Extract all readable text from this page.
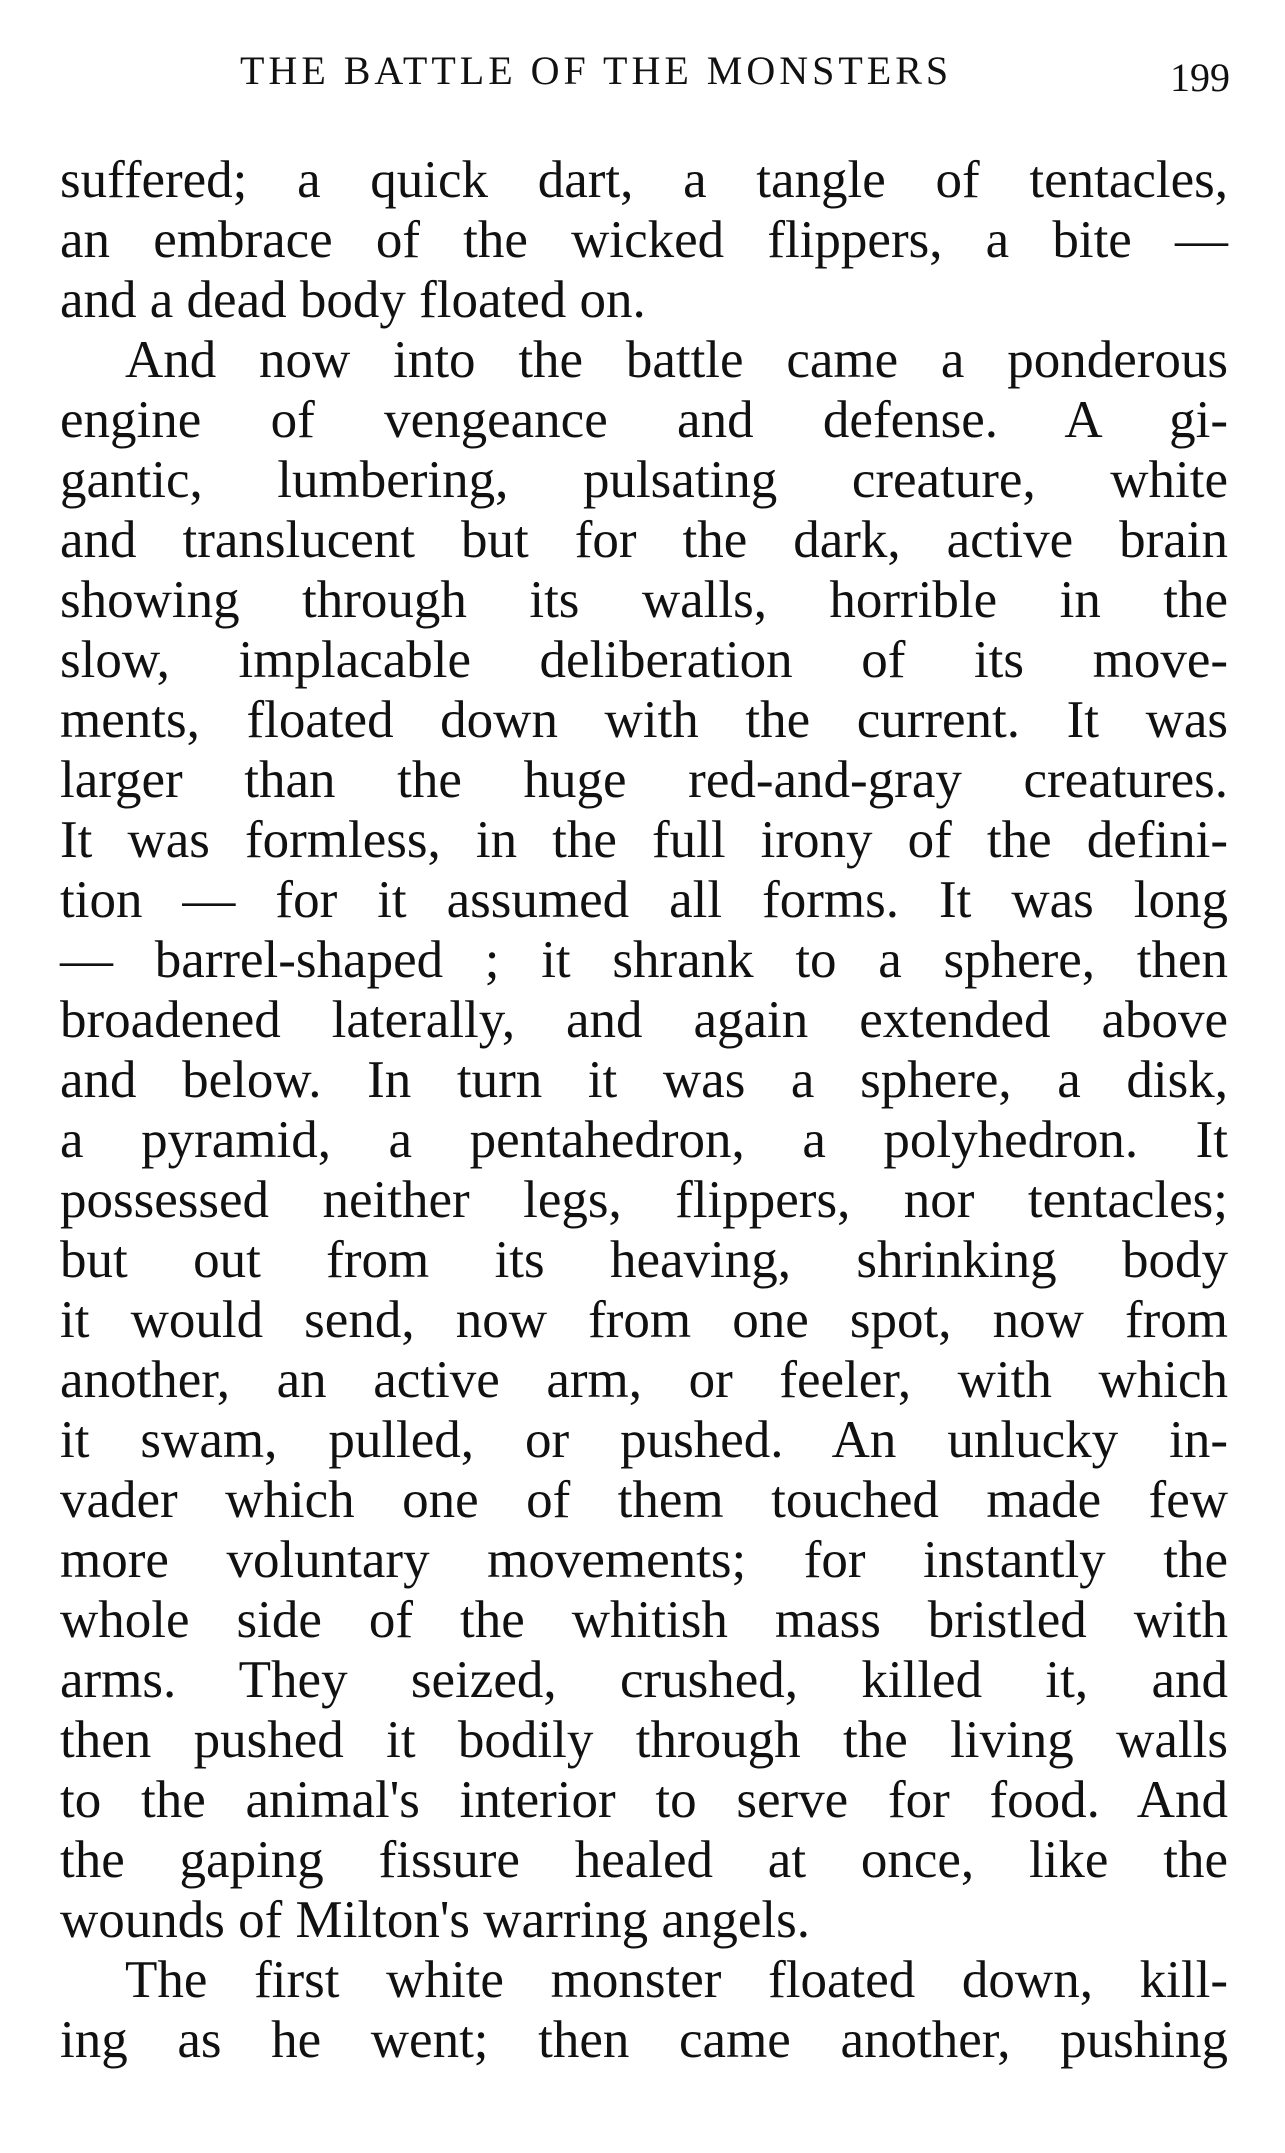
THE BATTLE OF THE MONSTERS	199
suffered; a quick dart, a tangle of tentacles,
an embrace of the wicked flippers, a bite —
and a dead body floated on.
And now into the battle came a ponderous
engine of vengeance and defense. A gi-
gantic, lumbering, pulsating creature, white
and translucent but for the dark, active brain
showing through its walls, horrible in the
slow, implacable deliberation of its move-
ments, floated down with the current. It was
larger than the huge red-and-gray creatures.
It was formless, in the full irony of the defini-
tion — for it assumed all forms. It was long
— barrel-shaped ; it shrank to a sphere, then
broadened laterally, and again extended above
and below. In turn it was a sphere, a disk,
a pyramid, a pentahedron, a polyhedron. It
possessed neither legs, flippers, nor tentacles;
but out from its heaving, shrinking body
it would send, now from one spot, now from
another, an active arm, or feeler, with which
it swam, pulled, or pushed. An unlucky in-
vader which one of them touched made few
more voluntary movements; for instantly the
whole side of the whitish mass bristled with
arms. They seized, crushed, killed it, and
then pushed it bodily through the living walls
to the animal's interior to serve for food. And
the gaping fissure healed at once, like the
wounds of Milton's warring angels.
The first white monster floated down, kill-
ing as he went; then came another, pushing
